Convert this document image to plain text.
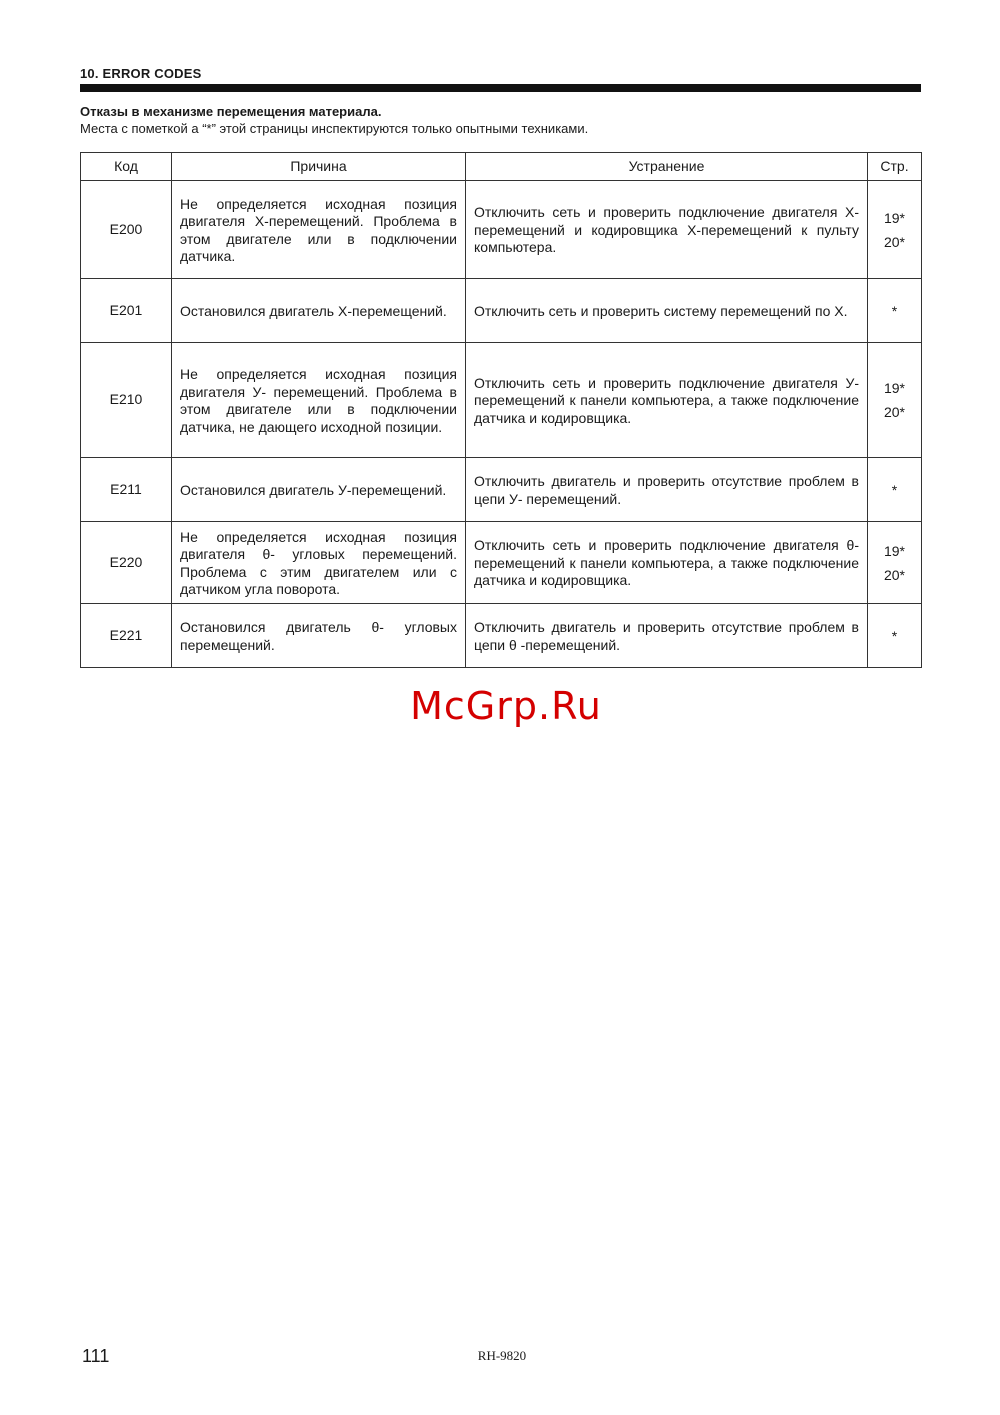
10. ERROR CODES
Отказы в механизме перемещения материала.
Места с пометкой а “*” этой страницы инспектируются только опытными техниками.
Код	Причина	Устранение	Стр.
E200	Не определяется исходная позиция двигателя X-перемещений. Проблема в этом двигателе или в подключении датчика.	Отключить сеть и проверить подключение двигателя X- перемещений и кодировщика X-перемещений к пульту компьютера.	19*
20*

E201	Остановился двигатель X-перемещений.	Отключить сеть и проверить систему перемещений по X.	*

E210	Не определяется исходная позиция двигателя У- перемещений. Проблема в этом двигателе или в подключении датчика, не дающего исходной позиции.	Отключить сеть и проверить подключение двигателя У- перемещений к панели компьютера, а также подключение датчика и кодировщика.	19*
20*

E211	Остановился двигатель У-перемещений.	Отключить двигатель и проверить отсутствие проблем в цепи У- перемещений.	*

E220	Не определяется исходная позиция двигателя θ- угловых перемещений. Проблема с этим двигателем или с датчиком угла поворота.	Отключить сеть и проверить подключение двигателя θ-перемещений к панели компьютера, а также подключение датчика и кодировщика.	19*
20*

E221	Остановился двигатель θ- угловых перемещений.	Отключить двигатель и проверить отсутствие проблем в цепи θ -перемещений.	*
McGrp.Ru
111	RH-9820
